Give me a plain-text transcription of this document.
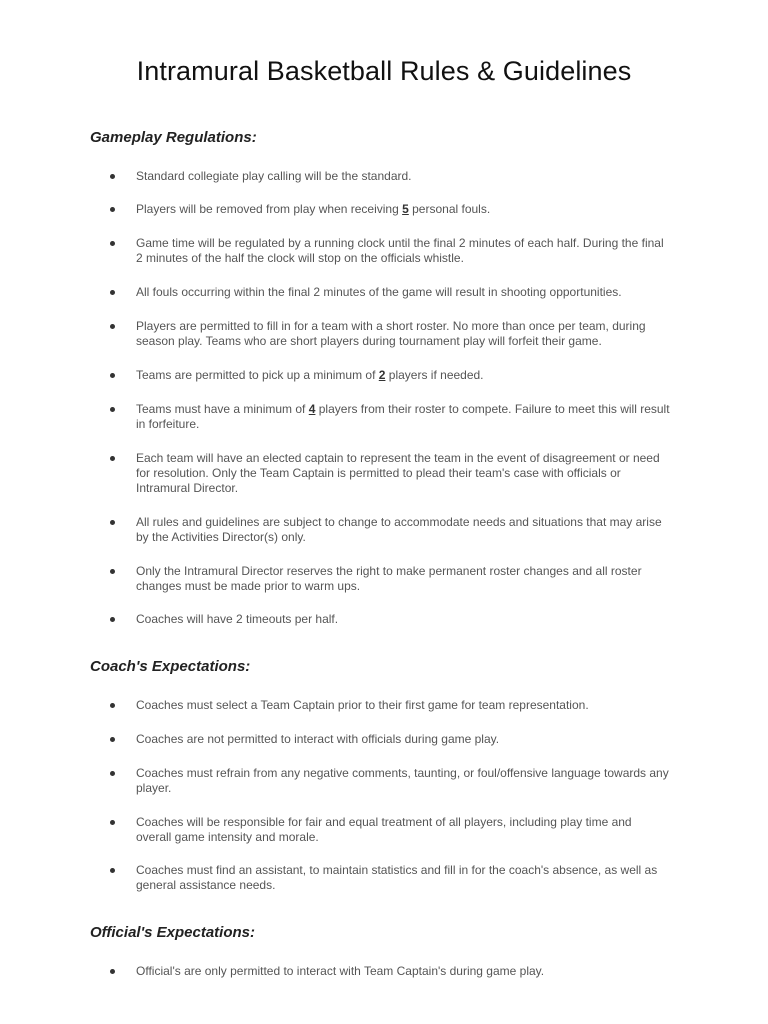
Intramural Basketball Rules & Guidelines
Gameplay Regulations:
Standard collegiate play calling will be the standard.
Players will be removed from play when receiving 5 personal fouls.
Game time will be regulated by a running clock until the final 2 minutes of each half. During the final 2 minutes of the half the clock will stop on the officials whistle.
All fouls occurring within the final 2 minutes of the game will result in shooting opportunities.
Players are permitted to fill in for a team with a short roster. No more than once per team, during season play. Teams who are short players during tournament play will forfeit their game.
Teams are permitted to pick up a minimum of 2 players if needed.
Teams must have a minimum of 4 players from their roster to compete. Failure to meet this will result in forfeiture.
Each team will have an elected captain to represent the team in the event of disagreement or need for resolution. Only the Team Captain is permitted to plead their team's case with officials or Intramural Director.
All rules and guidelines are subject to change to accommodate needs and situations that may arise by the Activities Director(s) only.
Only the Intramural Director reserves the right to make permanent roster changes and all roster changes must be made prior to warm ups.
Coaches will have 2 timeouts per half.
Coach's Expectations:
Coaches must select a Team Captain prior to their first game for team representation.
Coaches are not permitted to interact with officials during game play.
Coaches must refrain from any negative comments, taunting, or foul/offensive language towards any player.
Coaches will be responsible for fair and equal treatment of all players, including play time and overall game intensity and morale.
Coaches must find an assistant, to maintain statistics and fill in for the coach's absence, as well as general assistance needs.
Official's Expectations:
Official's are only permitted to interact with Team Captain's during game play.
